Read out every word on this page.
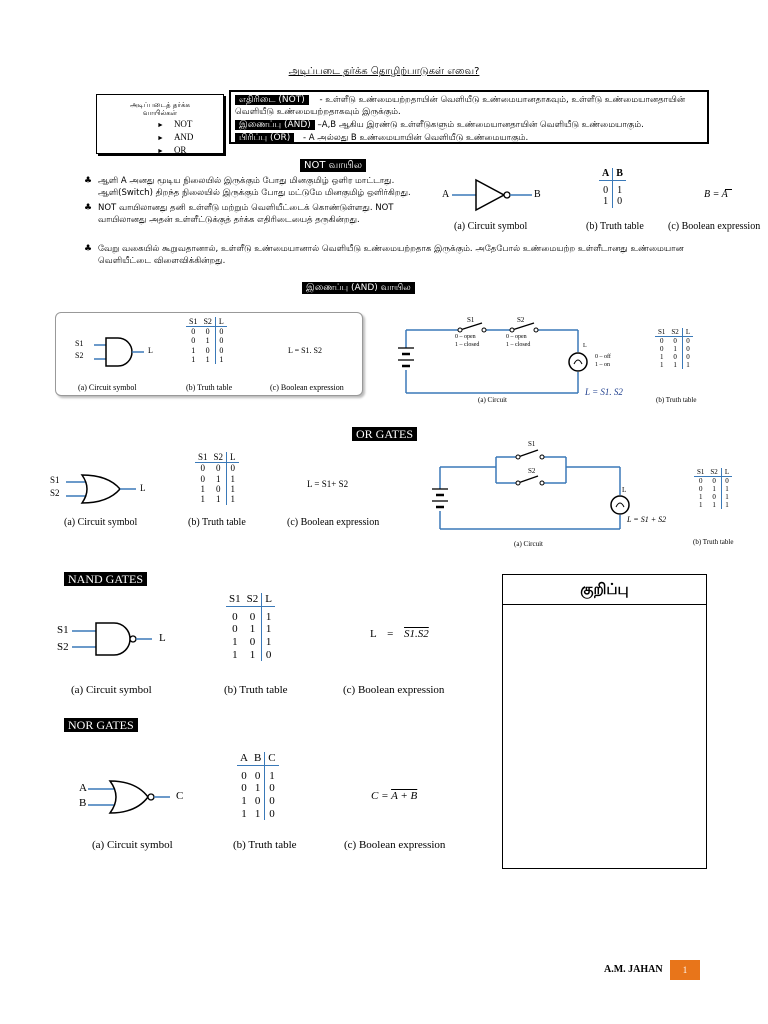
அடிப்படை தர்க்க தொழிற்பாடுகள் எவை?
அடிப்படைத் தர்க்க வாயில்கள்
► NOT
► AND
► OR
எதிரிடை (NOT) - உள்ளீடு உண்மையற்றதாயின் வெளியீடு உண்மையானதாகவும், உள்ளீடு உண்மையானதாயின் வெளியீடு உண்மையற்றதாகவும் இருக்கும்.
இணைப்பு (AND) –A,B ஆகிய இரண்டு உள்ளீடுகளும் உண்மையானதாயின் வெளியீடு உண்மையாகும்.
பிரிப்பு (OR) - A அல்லது B உண்மையாயின் வெளியீடு உண்மையாகும்.
NOT வாயில
♣ ஆளி A அனது மூடிய நிலையில் இருக்கும் போது மினகுமிழ் ஒளிர மாட்டாது. ஆளி(Switch) திறந்த நிலையில் இருக்கும் போது மட்டுமே மினகுமிழ் ஒளிர்கிறது.
♣ NOT வாயிலானது தனி உள்ளீடு மற்றும் வெளியீட்டைக் கொண்டுள்ளது. NOT வாயிலானது அதன் உள்ளீட்டுக்குத் தர்க்க எதிரிடையைத் தருகின்றது.
♣ வேறு வகையில் கூறுவதானால், உள்ளீடு உண்மையானால் வெளியீடு உண்மையற்றதாக இருக்கும். அதேபோல் உண்மையற்ற உள்ளீடானது உண்மையான வெளியீட்டை விளைவிக்கின்றது.
A	B
(a) Circuit symbol
A	B
0	1
1	0
(b) Truth table
B = A
(c) Boolean expression
இணைப்பு (AND) வாயில
S1
S2
L
S1	S2	L
0	0	0
0	1	0
1	0	0
1	1	1
L = S1. S2
(a) Circuit symbol	(b) Truth table	(c) Boolean expression
S1	S2
0 – open
1 – closed
0 – open
1 – closed	L
0 – off
1 – on
L = S1. S2
(a) Circuit
S1	S2	L
0	0	0
0	1	0
1	0	0
1	1	1
(b) Truth table
OR GATES
S1
S2	L
(a) Circuit symbol
S1	S2	L
0	0	0
0	1	1
1	0	1
1	1	1
(b) Truth table
L = S1+ S2
(c) Boolean expression
S1
S2
L
L = S1 + S2
(a) Circuit
S1	S2	L
0	0	0
0	1	1
1	0	1
1	1	1
(b) Truth table
NAND GATES
S1
S2
L
(a) Circuit symbol
S1	S2	L
0	0	1
0	1	1
1	0	1
1	1	0
(b) Truth table
L = S1.S2
(c) Boolean expression
NOR GATES
A
B
C
(a) Circuit symbol
A	B	C
0	0	1
0	1	0
1	0	0
1	1	0
(b) Truth table
C = A + B
(c) Boolean expression
குறிப்பு
A.M. JAHAN	1
